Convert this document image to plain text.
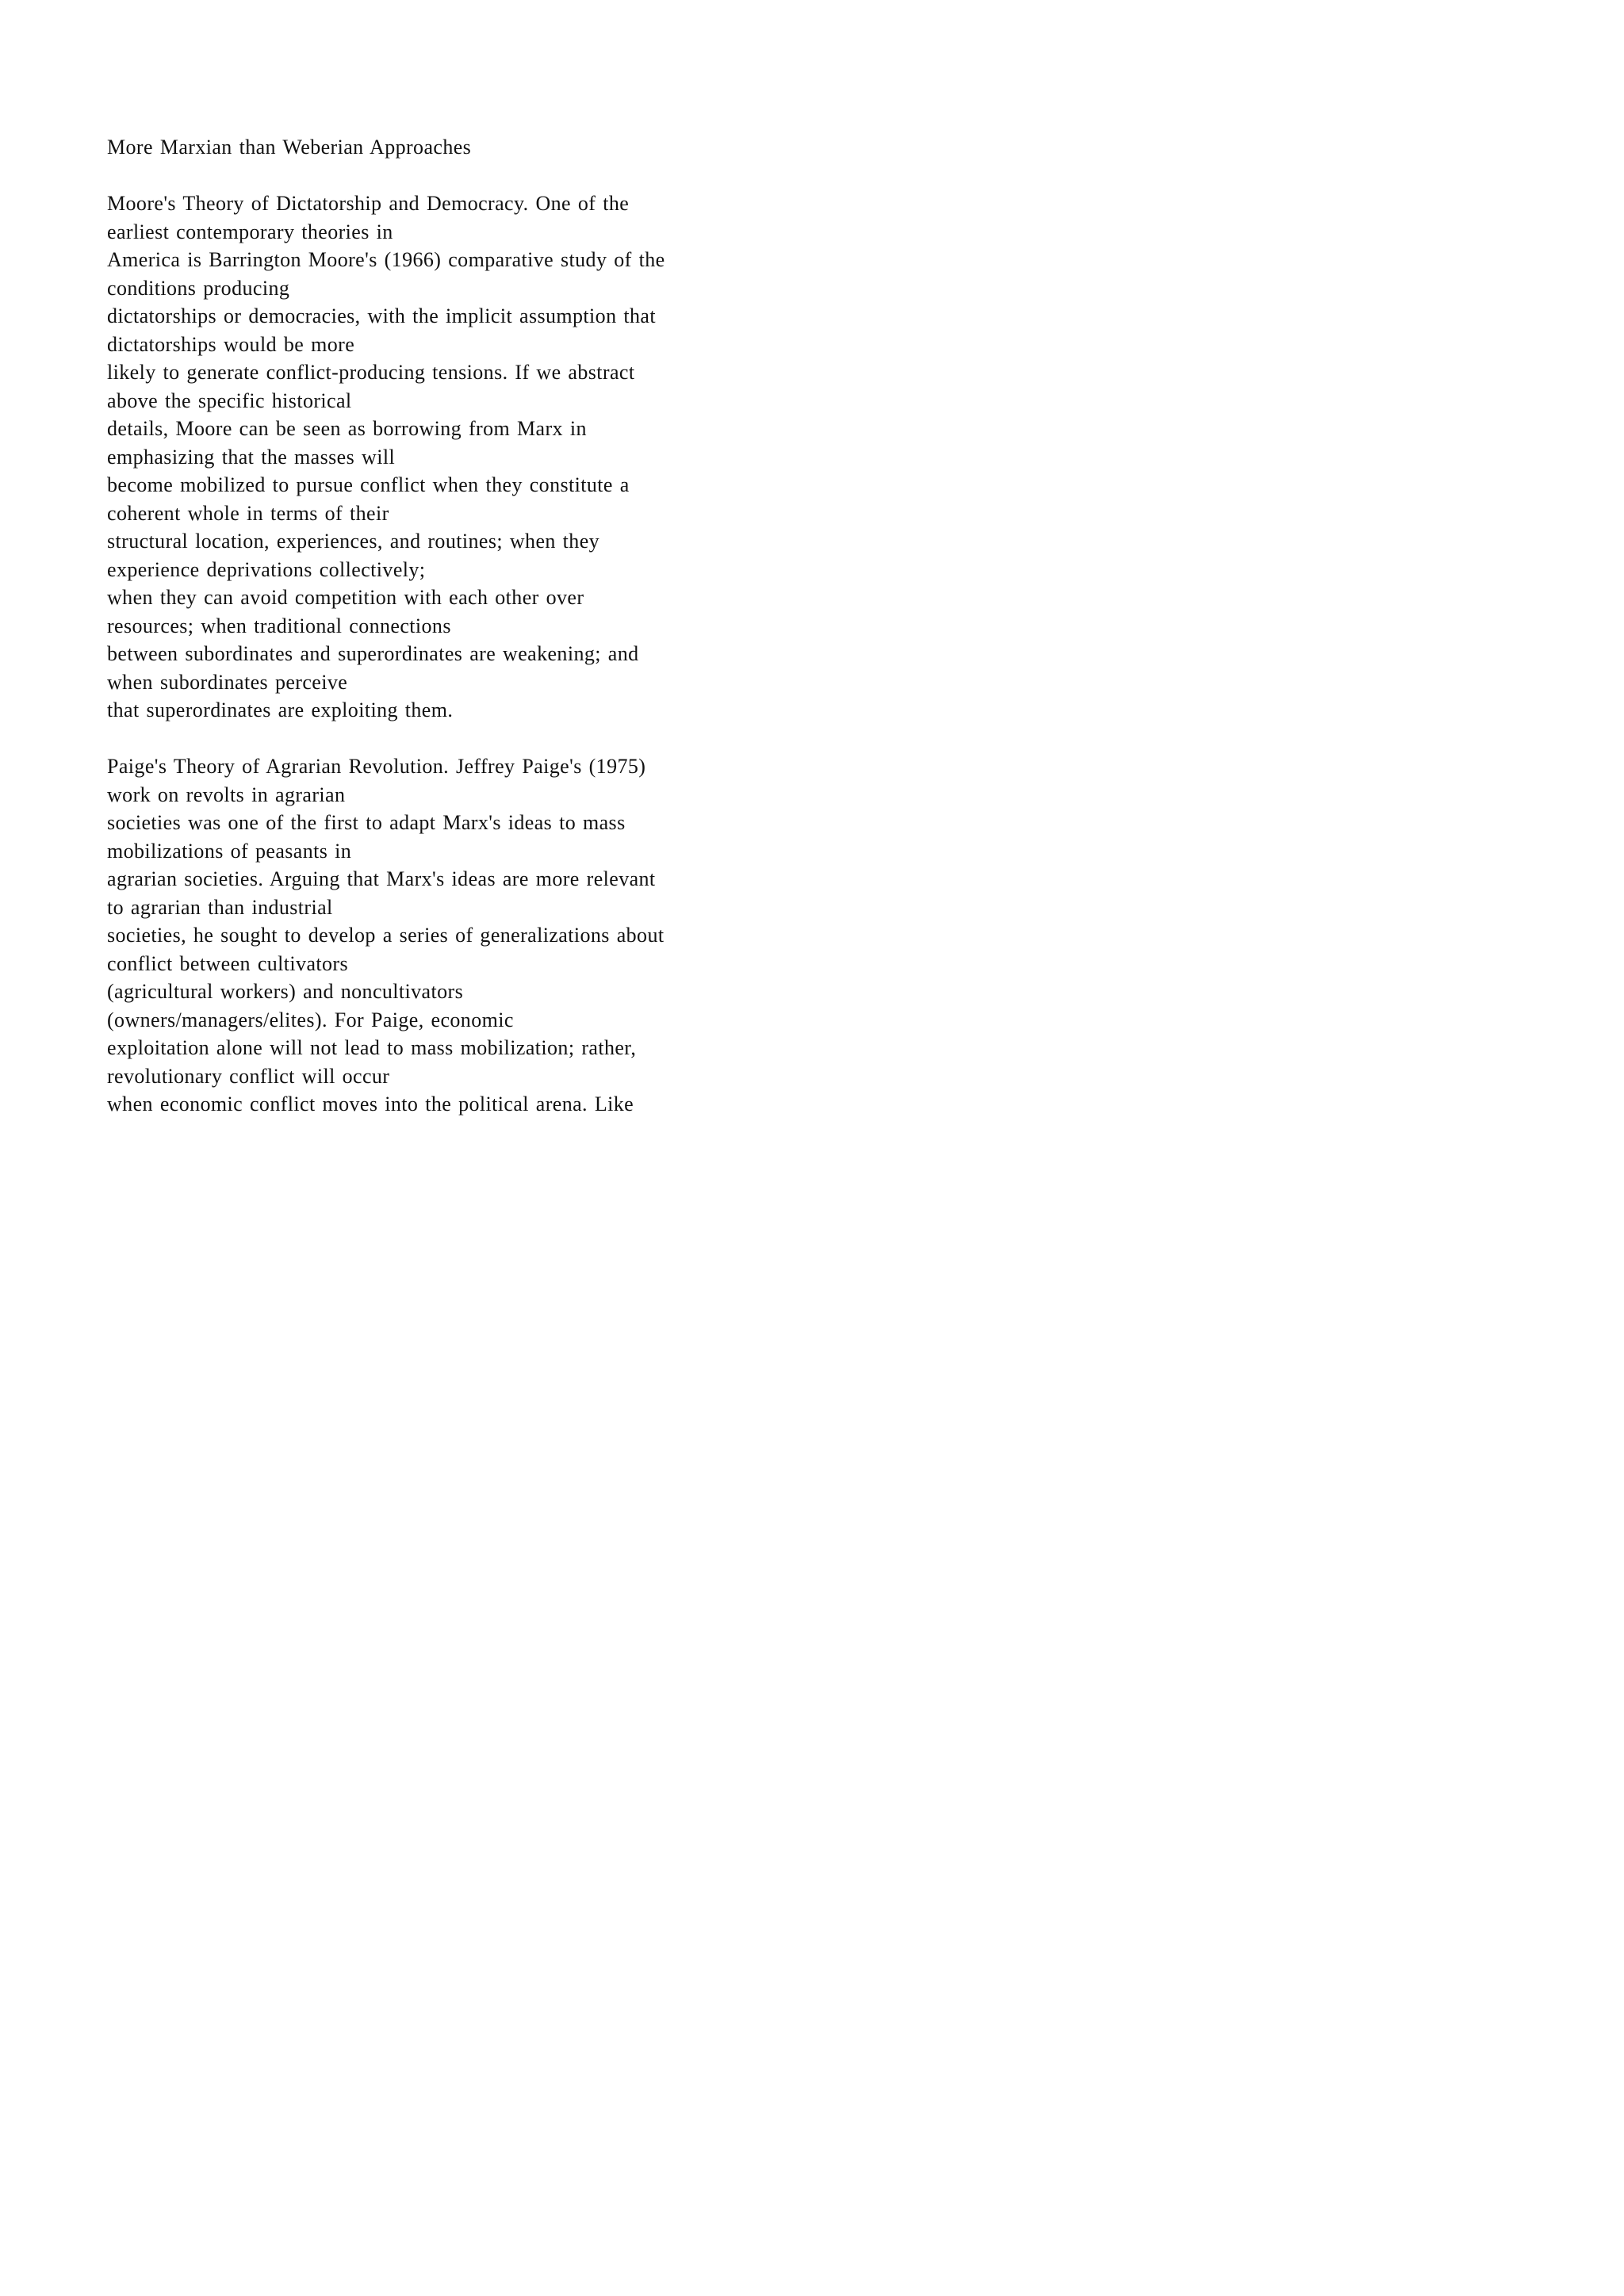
More Marxian than Weberian Approaches
Moore's Theory of Dictatorship and Democracy. One of the
earliest contemporary theories in
America is Barrington Moore's (1966) comparative study of the
conditions producing
dictatorships or democracies, with the implicit assumption that
dictatorships would be more
likely to generate conflict-producing tensions. If we abstract
above the specific historical
details, Moore can be seen as borrowing from Marx in
emphasizing that the masses will
become mobilized to pursue conflict when they constitute a
coherent whole in terms of their
structural location, experiences, and routines; when they
experience deprivations collectively;
when they can avoid competition with each other over
resources; when traditional connections
between subordinates and superordinates are weakening; and
when subordinates perceive
that superordinates are exploiting them.
Paige's Theory of Agrarian Revolution. Jeffrey Paige's (1975)
work on revolts in agrarian
societies was one of the first to adapt Marx's ideas to mass
mobilizations of peasants in
agrarian societies. Arguing that Marx's ideas are more relevant
to agrarian than industrial
societies, he sought to develop a series of generalizations about
conflict between cultivators
(agricultural workers) and noncultivators
(owners/managers/elites). For Paige, economic
exploitation alone will not lead to mass mobilization; rather,
revolutionary conflict will occur
when economic conflict moves into the political arena. Like
